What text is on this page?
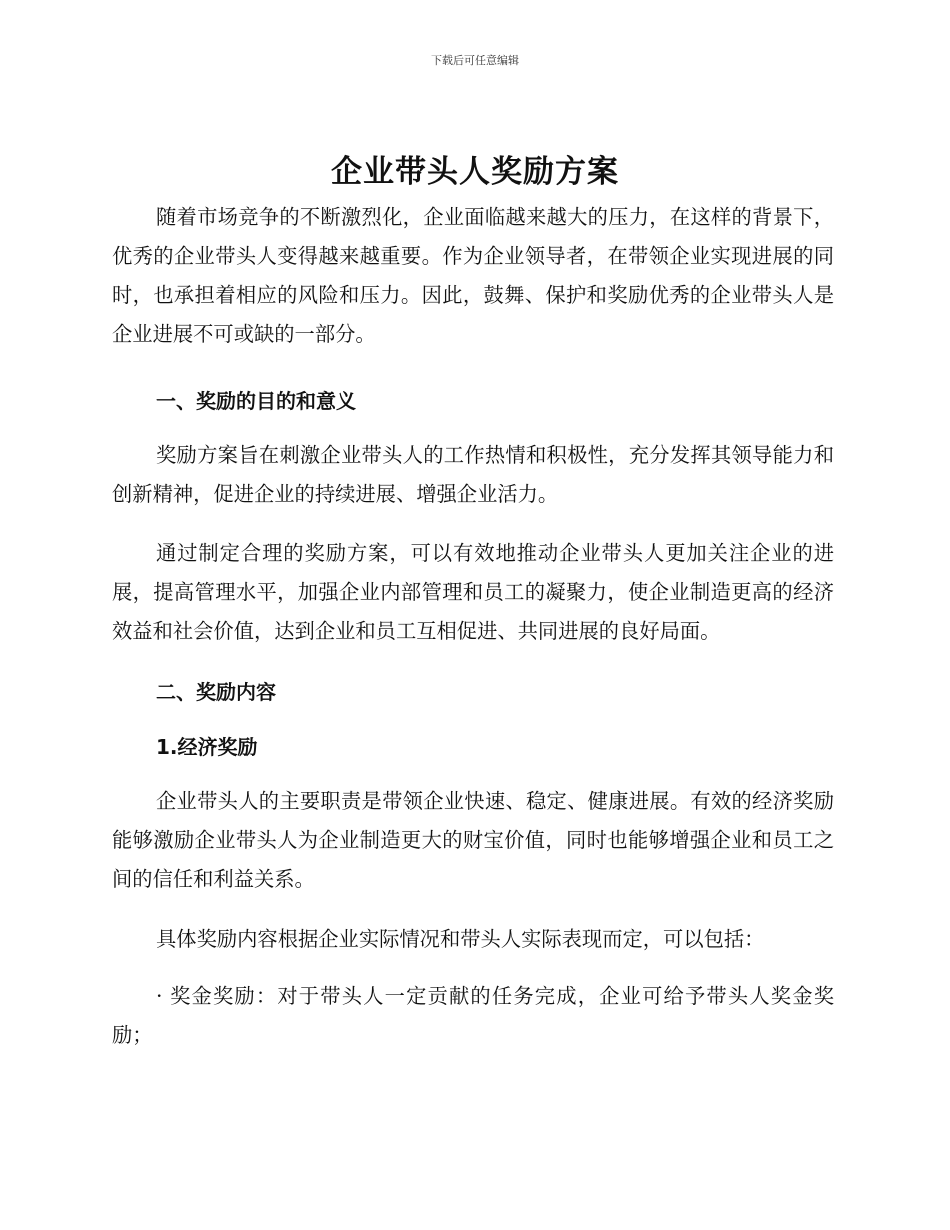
下载后可任意编辑
企业带头人奖励方案

随着市场竞争的不断激烈化，企业面临越来越大的压力，在这样的背景下，优秀的企业带头人变得越来越重要。作为企业领导者，在带领企业实现进展的同时，也承担着相应的风险和压力。因此，鼓舞、保护和奖励优秀的企业带头人是企业进展不可或缺的一部分。

一、奖励的目的和意义

奖励方案旨在刺激企业带头人的工作热情和积极性，充分发挥其领导能力和创新精神，促进企业的持续进展、增强企业活力。

通过制定合理的奖励方案，可以有效地推动企业带头人更加关注企业的进展，提高管理水平，加强企业内部管理和员工的凝聚力，使企业制造更高的经济效益和社会价值，达到企业和员工互相促进、共同进展的良好局面。

二、奖励内容

1.经济奖励

企业带头人的主要职责是带领企业快速、稳定、健康进展。有效的经济奖励能够激励企业带头人为企业制造更大的财宝价值，同时也能够增强企业和员工之间的信任和利益关系。

具体奖励内容根据企业实际情况和带头人实际表现而定，可以包括：

· 奖金奖励：对于带头人一定贡献的任务完成，企业可给予带头人奖金奖励；
